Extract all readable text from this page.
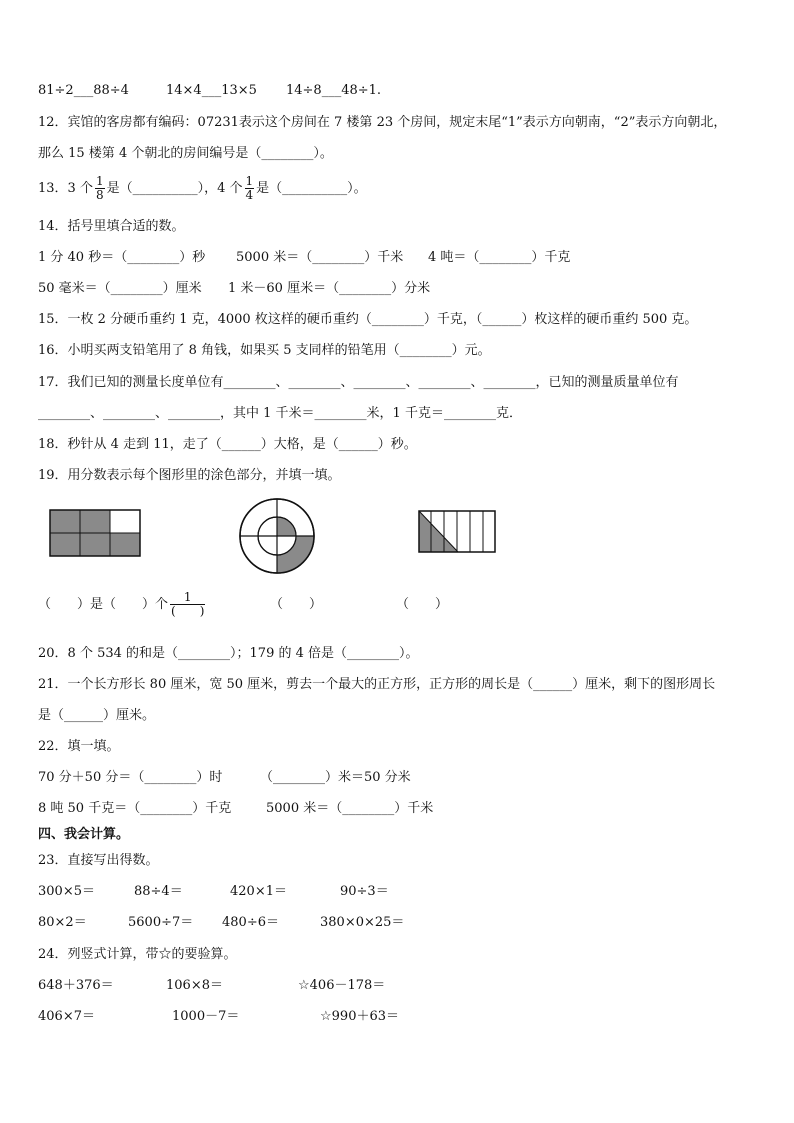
81÷2___88÷4	14×4___13×5 14÷8___48÷1.
12．宾馆的客房都有编码：07231表示这个房间在 7 楼第 23 个房间，规定末尾“1”表示方向朝南，“2”表示方向朝北，
那么 15 楼第 4 个朝北的房间编号是（________）。
13．3 个 $\frac{1}{8}$ 是（__________），4 个 $\frac{1}{4}$ 是（__________）。
14．括号里填合适的数。
1 分 40 秒＝（________）秒 5000 米＝（________）千米 4 吨＝（________）千克
50 毫米＝（________）厘米 1 米－60 厘米＝（________）分米
15．一枚 2 分硬币重约 1 克，4000 枚这样的硬币重约（________）千克，（______）枚这样的硬币重约 500 克。
16．小明买两支铅笔用了 8 角钱，如果买 5 支同样的铅笔用（________）元。
17．我们已知的测量长度单位有________、________、________、________、________，已知的测量质量单位有
________、________、________，其中 1 千米＝________米，1 千克＝________克．
18．秒针从 4 走到 11，走了（______）大格，是（______）秒。
19．用分数表示每个图形里的涂色部分，并填一填。
（　　）是（　　）个 $\frac{1}{( )}$	（　　）	（　　）
20．8 个 534 的和是（________）；179 的 4 倍是（________）。
21．一个长方形长 80 厘米，宽 50 厘米，剪去一个最大的正方形，正方形的周长是（______）厘米，剩下的图形周长
是（______）厘米。
22．填一填。
70 分＋50 分＝（________）时	（________）米＝50 分米
8 吨 50 千克＝（________）千克	5000 米＝（________）千米
四、我会计算。
23．直接写出得数。
300×5＝	88÷4＝	420×1＝	90÷3＝
80×2＝	5600÷7＝ 480÷6＝	380×0×25＝
24．列竖式计算，带☆的要验算。
648＋376＝	106×8＝	☆406－178＝
406×7＝	1000－7＝	☆990＋63＝
